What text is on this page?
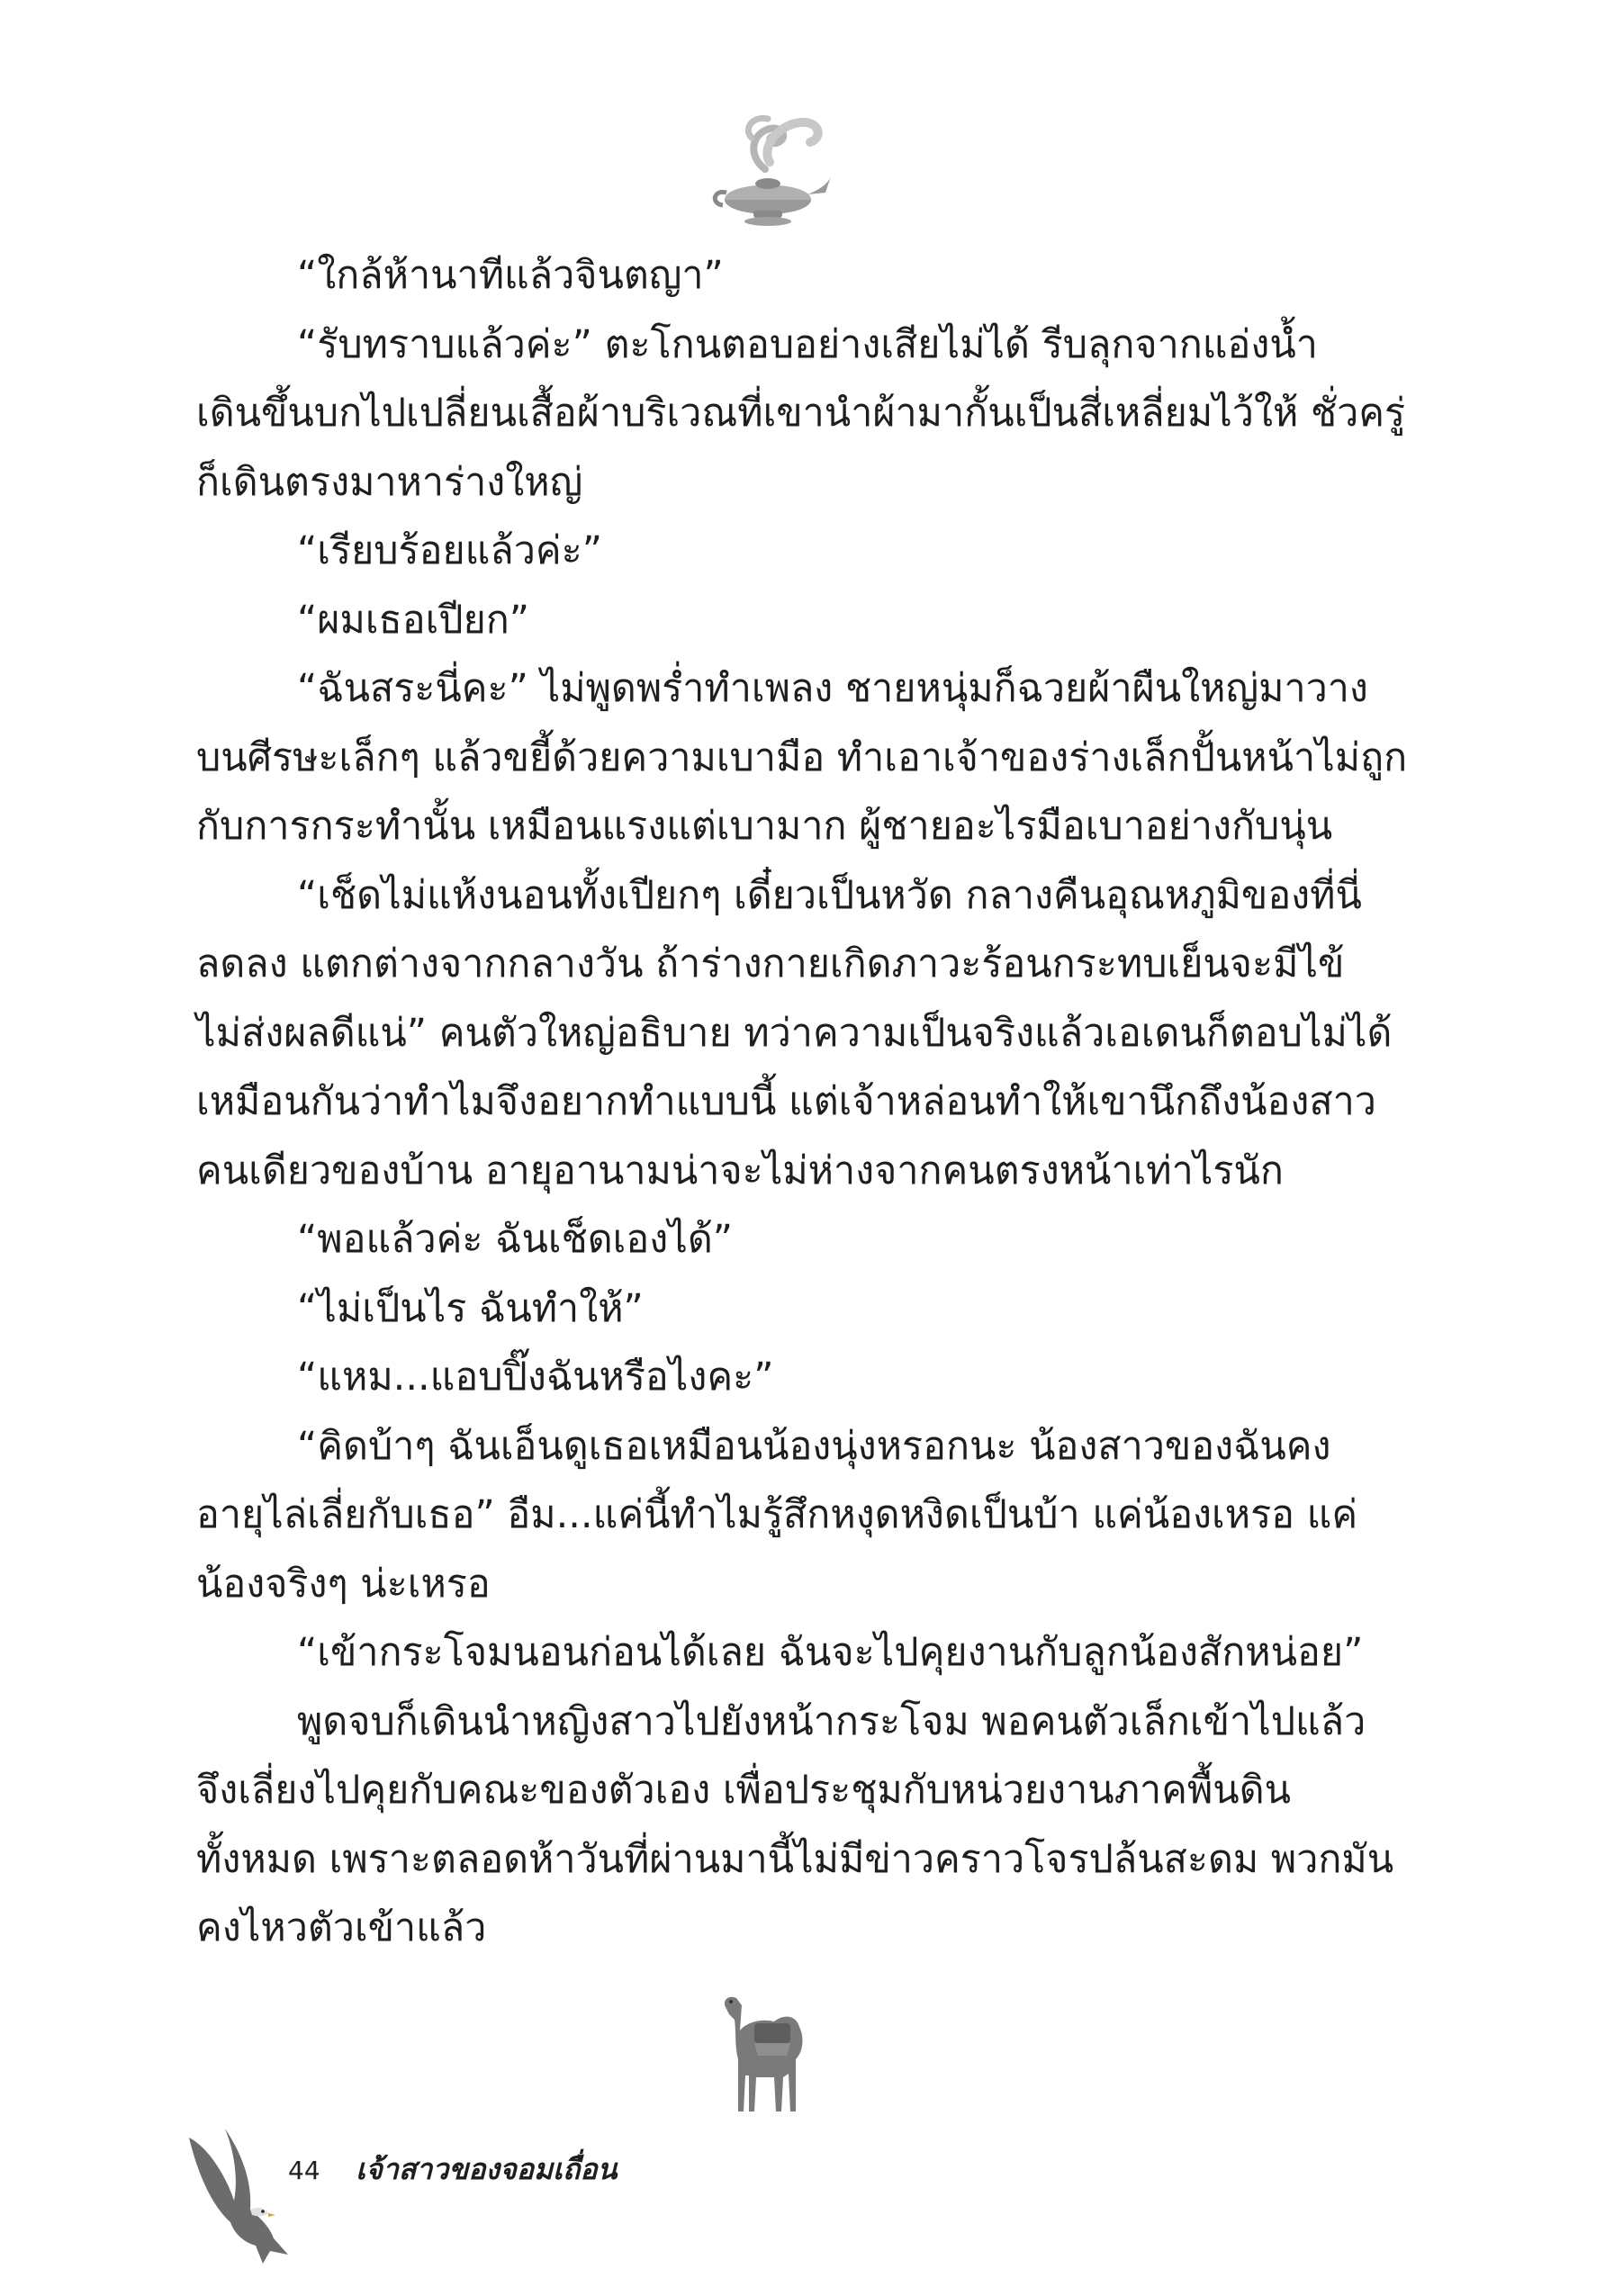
“ใกล้ห้านาทีแล้วจินตญา”
“รับทราบแล้วค่ะ” ตะโกนตอบอย่างเสียไม่ได้ รีบลุกจากแอ่งน้ำ
เดินขึ้นบกไปเปลี่ยนเสื้อผ้าบริเวณที่เขานำผ้ามากั้นเป็นสี่เหลี่ยมไว้ให้ ชั่วครู่
ก็เดินตรงมาหาร่างใหญ่
“เรียบร้อยแล้วค่ะ”
“ผมเธอเปียก”
“ฉันสระนี่คะ” ไม่พูดพร่ำทำเพลง ชายหนุ่มก็ฉวยผ้าผืนใหญ่มาวาง
บนศีรษะเล็กๆ แล้วขยี้ด้วยความเบามือ ทำเอาเจ้าของร่างเล็กปั้นหน้าไม่ถูก
กับการกระทำนั้น เหมือนแรงแต่เบามาก ผู้ชายอะไรมือเบาอย่างกับนุ่น
“เช็ดไม่แห้งนอนทั้งเปียกๆ เดี๋ยวเป็นหวัด กลางคืนอุณหภูมิของที่นี่
ลดลง แตกต่างจากกลางวัน ถ้าร่างกายเกิดภาวะร้อนกระทบเย็นจะมีไข้
ไม่ส่งผลดีแน่” คนตัวใหญ่อธิบาย ทว่าความเป็นจริงแล้วเอเดนก็ตอบไม่ได้
เหมือนกันว่าทำไมจึงอยากทำแบบนี้ แต่เจ้าหล่อนทำให้เขานึกถึงน้องสาว
คนเดียวของบ้าน อายุอานามน่าจะไม่ห่างจากคนตรงหน้าเท่าไรนัก
“พอแล้วค่ะ ฉันเช็ดเองได้”
“ไม่เป็นไร ฉันทำให้”
“แหม...แอบปิ๊งฉันหรือไงคะ”
“คิดบ้าๆ ฉันเอ็นดูเธอเหมือนน้องนุ่งหรอกนะ น้องสาวของฉันคง
อายุไล่เลี่ยกับเธอ” อืม...แค่นี้ทำไมรู้สึกหงุดหงิดเป็นบ้า แค่น้องเหรอ แค่
น้องจริงๆ น่ะเหรอ
“เข้ากระโจมนอนก่อนได้เลย ฉันจะไปคุยงานกับลูกน้องสักหน่อย”
พูดจบก็เดินนำหญิงสาวไปยังหน้ากระโจม พอคนตัวเล็กเข้าไปแล้ว
จึงเลี่ยงไปคุยกับคณะของตัวเอง เพื่อประชุมกับหน่วยงานภาคพื้นดิน
ทั้งหมด เพราะตลอดห้าวันที่ผ่านมานี้ไม่มีข่าวคราวโจรปล้นสะดม พวกมัน
คงไหวตัวเข้าแล้ว
44 เจ้าสาวของจอมเถื่อน
